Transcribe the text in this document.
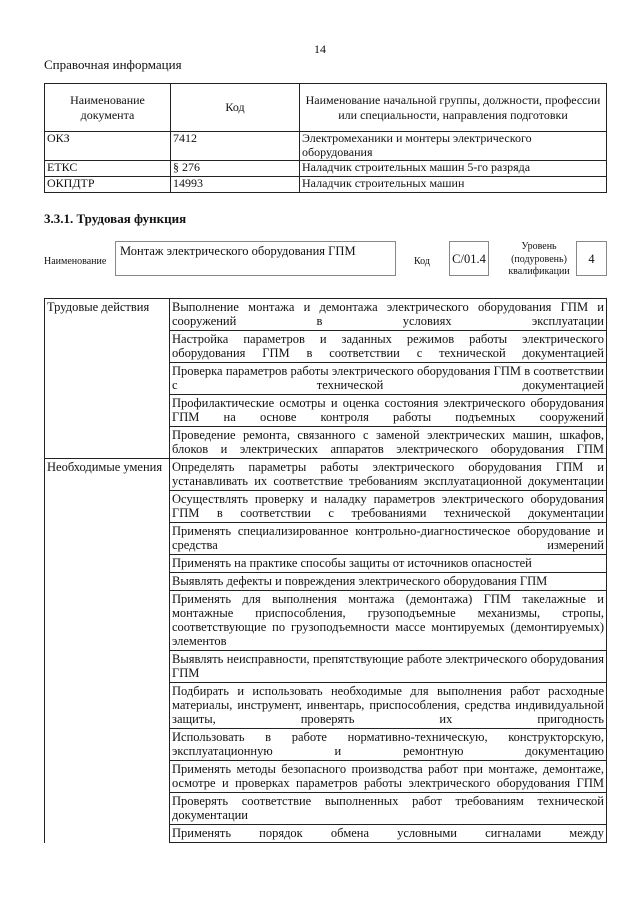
14
Справочная информация
Наименование документа	Код	Наименование начальной группы, должности, профессии или специальности, направления подготовки
ОКЗ	7412	Электромеханики и монтеры электрического оборудования
ЕТКС	§ 276	Наладчик строительных машин 5-го разряда
ОКПДТР	14993	Наладчик строительных машин
3.3.1. Трудовая функция
Наименование
Монтаж электрического оборудования ГПМ
Код C/01.4
Уровень (подуровень) квалификации
4
Трудовые действия	Выполнение монтажа и демонтажа электрического оборудования ГПМ и сооружений в условиях эксплуатации
	Настройка параметров и заданных режимов работы электрического оборудования ГПМ в соответствии с технической документацией
	Проверка параметров работы электрического оборудования ГПМ в соответствии с технической документацией
	Профилактические осмотры и оценка состояния электрического оборудования ГПМ на основе контроля работы подъемных сооружений
	Проведение ремонта, связанного с заменой электрических машин, шкафов, блоков и электрических аппаратов электрического оборудования ГПМ
Необходимые умения	Определять параметры работы электрического оборудования ГПМ и устанавливать их соответствие требованиям эксплуатационной документации
	Осуществлять проверку и наладку параметров электрического оборудования ГПМ в соответствии с требованиями технической документации
	Применять специализированное контрольно-диагностическое оборудование и средства измерений
	Применять на практике способы защиты от источников опасностей
	Выявлять дефекты и повреждения электрического оборудования ГПМ
	Применять для выполнения монтажа (демонтажа) ГПМ такелажные и монтажные приспособления, грузоподъемные механизмы, стропы, соответствующие по грузоподъемности массе монтируемых (демонтируемых) элементов
	Выявлять неисправности, препятствующие работе электрического оборудования ГПМ
	Подбирать и использовать необходимые для выполнения работ расходные материалы, инструмент, инвентарь, приспособления, средства индивидуальной защиты, проверять их пригодность
	Использовать в работе нормативно-техническую, конструкторскую, эксплуатационную и ремонтную документацию
	Применять методы безопасного производства работ при монтаже, демонтаже, осмотре и проверках параметров работы электрического оборудования ГПМ
	Проверять соответствие выполненных работ требованиям технической документации
	Применять порядок обмена условными сигналами между
